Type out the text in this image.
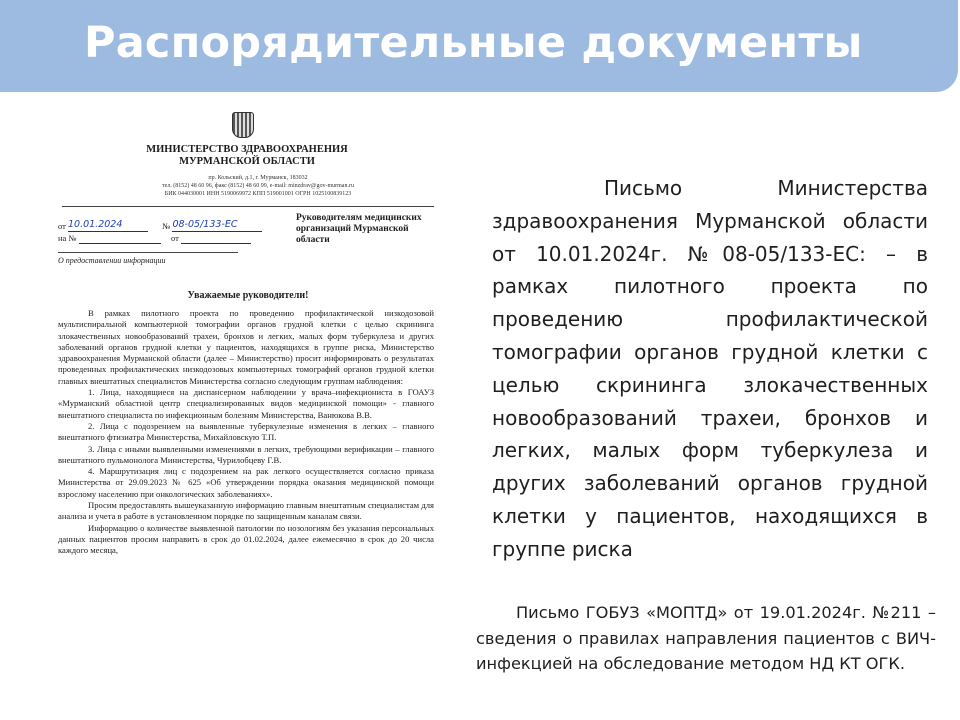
Распорядительные документы
МИНИСТЕРСТВО ЗДРАВООХРАНЕНИЯ МУРМАНСКОЙ ОБЛАСТИ
пр. Кольский, д.1, г. Мурманск, 183032
тел. (8152) 48 60 96, факс (8152) 48 60 99, e-mail: minzdrav@gov-murman.ru
БИК 044030001 ИНН 5190069972 КПП 519001001 ОГРН 1025100839123
от 10.01.2024	№ 08-05/133-ЕС
на №	от
О предоставлении информации
Руководителям медицинских организаций Мурманской области
Уважаемые руководители!

В рамках пилотного проекта по проведению профилактической низкодозовой мультиспиральной компьютерной томографии органов грудной клетки с целью скрининга злокачественных новообразований трахеи, бронхов и легких, малых форм туберкулеза и других заболеваний органов грудной клетки у пациентов, находящихся в группе риска, Министерство здравоохранения Мурманской области (далее – Министерство) просит информировать о результатах проведенных профилактических низкодозовых компьютерных томографий органов грудной клетки главных внештатных специалистов Министерства согласно следующим группам наблюдения:

1. Лица, находящиеся на диспансерном наблюдении у врача–инфекциониста в ГОАУЗ «Мурманский областной центр специализированных видов медицинской помощи» - главного внештатного специалиста по инфекционным болезням Министерства, Ванюкова В.В.

2. Лица с подозрением на выявленные туберкулезные изменения в легких – главного внештатного фтизиатра Министерства, Михайловскую Т.П.

3. Лица с иными выявленными изменениями в легких, требующими верификации – главного внештатного пульмонолога Министерства, Чурилобцеву Г.В.

4. Маршрутизация лиц с подозрением на рак легкого осуществляется согласно приказа Министерства от 29.09.2023 № 625 «Об утверждении порядка оказания медицинской помощи взрослому населению при онкологических заболеваниях».

Просим предоставлять вышеуказанную информацию главным внештатным специалистам для анализа и учета в работе в установленном порядке по защищенным каналам связи.

Информацию о количестве выявленной патологии по нозологиям без указания персональных данных пациентов просим направить в срок до 01.02.2024, далее ежемесячно в срок до 20 числа каждого месяца,

Письмо Министерства здравоохранения Мурманской области от 10.01.2024г. №08-05/133-ЕС: – в рамках пилотного проекта по проведению профилактической томографии органов грудной клетки с целью скрининга злокачественных новообразований трахеи, бронхов и легких, малых форм туберкулеза и других заболеваний органов грудной клетки у пациентов, находящихся в группе риска

Письмо ГОБУЗ «МОПТД» от 19.01.2024г. №211 – сведения о правилах направления пациентов с ВИЧ-инфекцией на обследование методом НД КТ ОГК.
